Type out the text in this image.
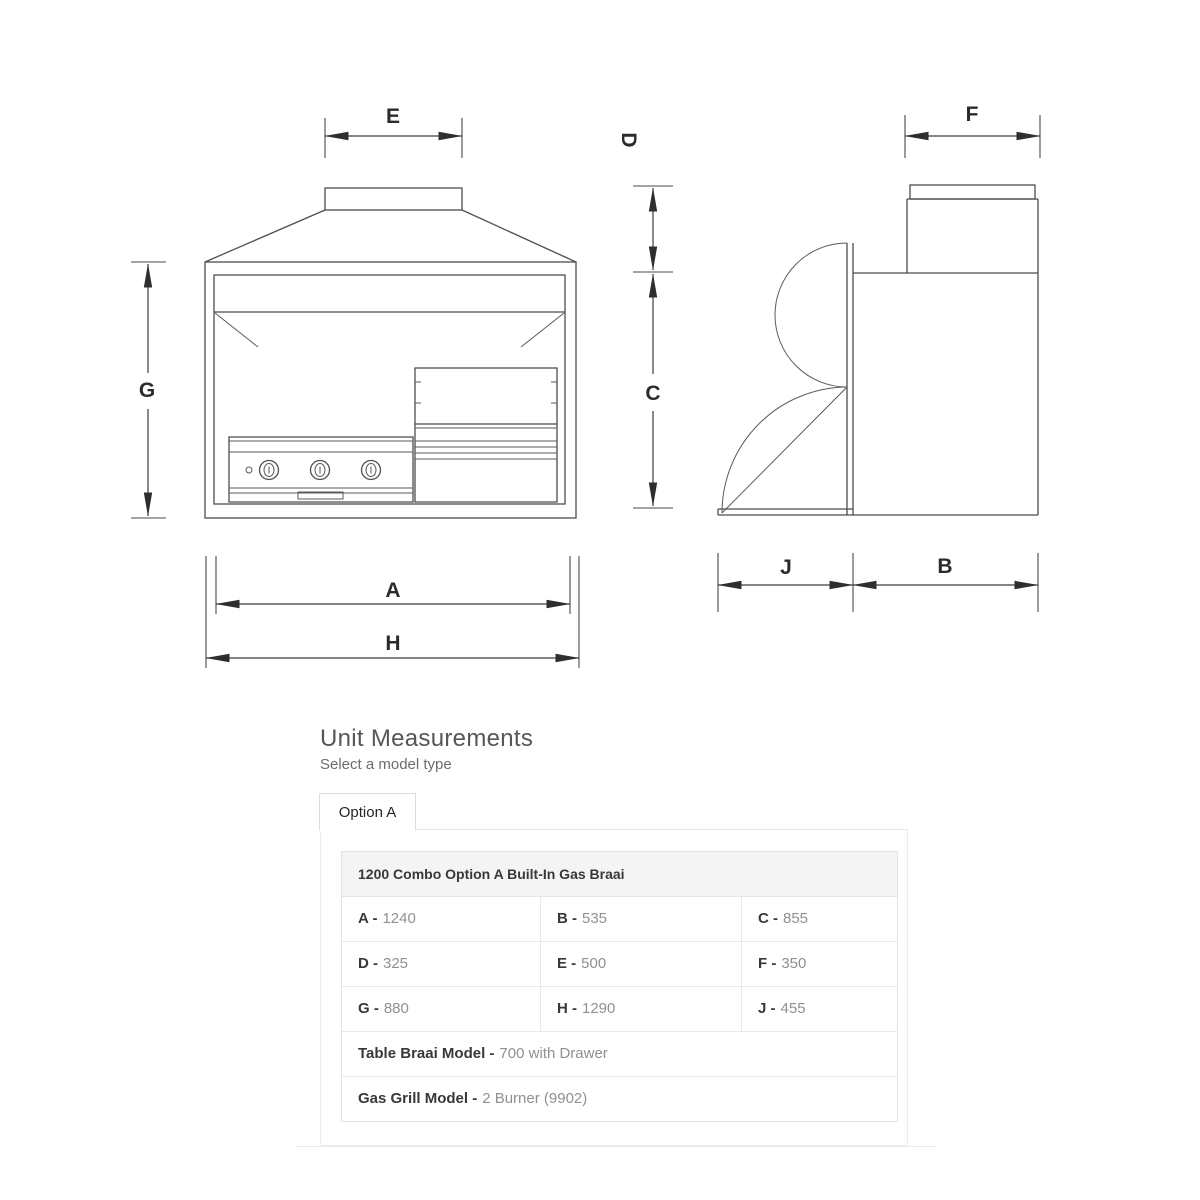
E
G
D
C
A
H
F
J	B
Unit Measurements
Select a model type
Option A
1200 Combo Option A Built-In Gas Braai
A - 1240	B - 535	C - 855
D - 325	E - 500	F - 350
G - 880	H - 1290	J - 455
Table Braai Model - 700 with Drawer
Gas Grill Model - 2 Burner (9902)
